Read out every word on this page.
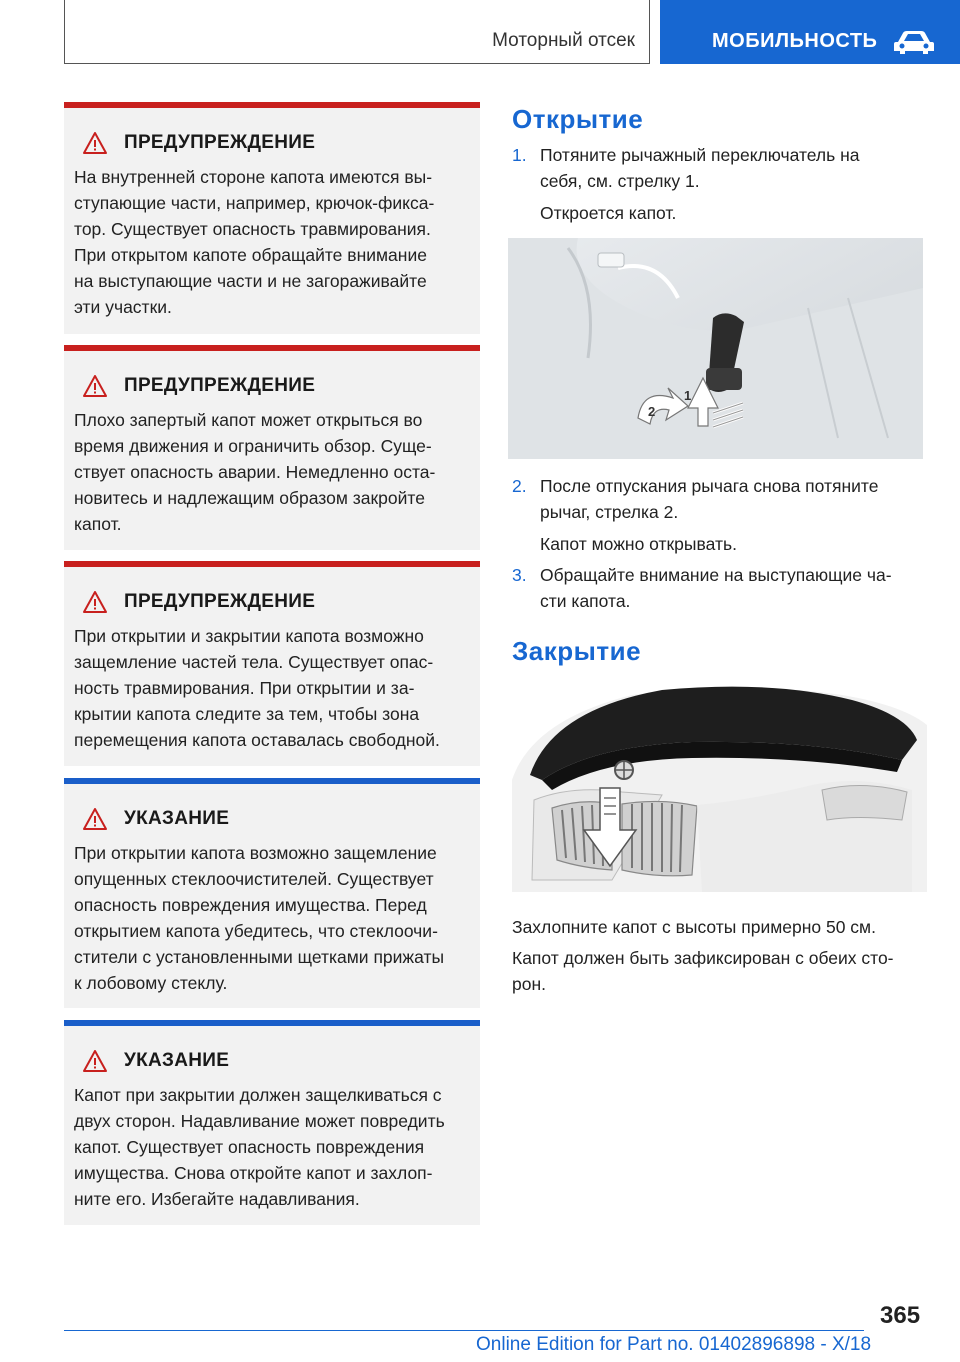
Моторный отсек	МОБИЛЬНОСТЬ
ПРЕДУПРЕЖДЕНИЕ
На внутренней стороне капота имеются вы-
ступающие части, например, крючок-фикса-
тор. Существует опасность травмирования.
При открытом капоте обращайте внимание
на выступающие части и не загораживайте
эти участки.
ПРЕДУПРЕЖДЕНИЕ
Плохо запертый капот может открыться во
время движения и ограничить обзор. Суще-
ствует опасность аварии. Немедленно оста-
новитесь и надлежащим образом закройте
капот.
ПРЕДУПРЕЖДЕНИЕ
При открытии и закрытии капота возможно
защемление частей тела. Существует опас-
ность травмирования. При открытии и за-
крытии капота следите за тем, чтобы зона
перемещения капота оставалась свободной.
УКАЗАНИЕ
При открытии капота возможно защемление
опущенных стеклоочистителей. Существует
опасность повреждения имущества. Перед
открытием капота убедитесь, что стеклоочи-
стители с установленными щетками прижаты
к лобовому стеклу.
УКАЗАНИЕ
Капот при закрытии должен защелкиваться с
двух сторон. Надавливание может повредить
капот. Существует опасность повреждения
имущества. Снова откройте капот и захлоп-
ните его. Избегайте надавливания.
Открытие
1. Потяните рычажный переключатель на
себя, см. стрелку 1.
Откроется капот.
1
2
2. После отпускания рычага снова потяните
рычаг, стрелка 2.
Капот можно открывать.
3. Обращайте внимание на выступающие ча-
сти капота.
Закрытие
Захлопните капот с высоты примерно 50 см.
Капот должен быть зафиксирован с обеих сто-
рон.
365
Online Edition for Part no. 01402896898 - X/18
